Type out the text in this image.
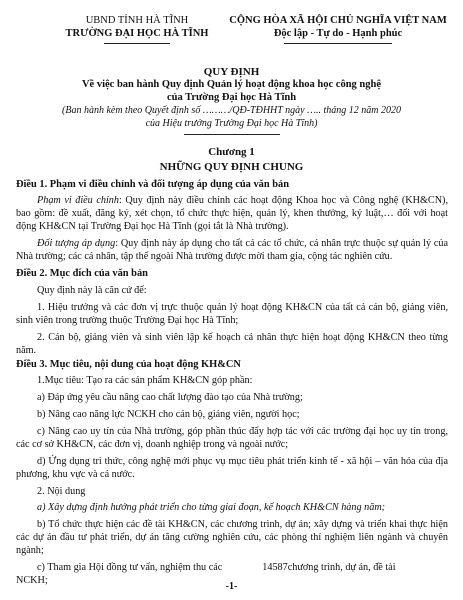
UBND TỈNH HÀ TĨNH
TRƯỜNG ĐẠI HỌC HÀ TĨNH
CỘNG HÒA XÃ HỘI CHỦ NGHĨA VIỆT NAM
Độc lập - Tự do - Hạnh phúc
QUY ĐỊNH
Về việc ban hành Quy định Quản lý hoạt động khoa học công nghệ
của Trường Đại học Hà Tĩnh
(Ban hành kèm theo Quyết định số ………/QĐ-TĐHHT ngày ….. tháng 12 năm 2020
của Hiệu trưởng Trường Đại học Hà Tĩnh)
Chương 1
NHỮNG QUY ĐỊNH CHUNG
Điều 1. Phạm vi điều chỉnh và đối tượng áp dụng của văn bản
Phạm vi điều chỉnh: Quy định này điều chỉnh các hoạt động Khoa học và Công nghệ (KH&CN), bao gồm: đề xuất, đăng ký, xét chọn, tổ chức thực hiện, quản lý, khen thưởng, kỷ luật,… đối với hoạt động KH&CN tại Trường Đại học Hà Tĩnh (gọi tắt là Nhà trường).
Đối tượng áp dụng: Quy định này áp dụng cho tất cả các tổ chức, cá nhân trực thuộc sự quản lý của Nhà trường; các cá nhân, tập thể ngoài Nhà trường được mời tham gia, cộng tác nghiên cứu.
Điều 2. Mục đích của văn bản
Quy định này là căn cứ để:
1. Hiệu trưởng và các đơn vị trực thuộc quản lý hoạt động KH&CN của tất cả cán bộ, giảng viên, sinh viên trong trường thuộc Trường Đại học Hà Tĩnh;
2. Cán bộ, giảng viên và sinh viên lập kế hoạch cá nhân thực hiện hoạt động KH&CN theo từng năm.
Điều 3. Mục tiêu, nội dung của hoạt động KH&CN
1.Mục tiêu: Tạo ra các sản phẩm KH&CN góp phần:
a) Đáp ứng yêu cầu nâng cao chất lượng đào tạo của Nhà trường;
b) Nâng cao năng lực NCKH cho cán bộ, giảng viên, người học;
c) Nâng cao uy tín của Nhà trường, góp phần thúc đẩy hợp tác với các trường đại học uy tín trong, các cơ sở KH&CN, các đơn vị, doanh nghiệp trong và ngoài nước;
d) Ứng dụng tri thức, công nghệ mới phục vụ mục tiêu phát triển kinh tế - xã hội – văn hóa của địa phương, khu vực và cả nước.
2. Nội dung
a) Xây dựng định hướng phát triển cho từng giai đoạn, kế hoạch KH&CN hàng năm;
b) Tổ chức thực hiện các đề tài KH&CN, các chương trình, dự án; xây dựng và triển khai thực hiện các dự án đầu tư phát triển, dự án tăng cường nghiên cứu, các phòng thí nghiệm liên ngành và chuyên ngành;
c) Tham gia Hội đồng tư vấn, nghiệm thu các	14587chương trình, dự án, đề tài
NCKH;
-1-
